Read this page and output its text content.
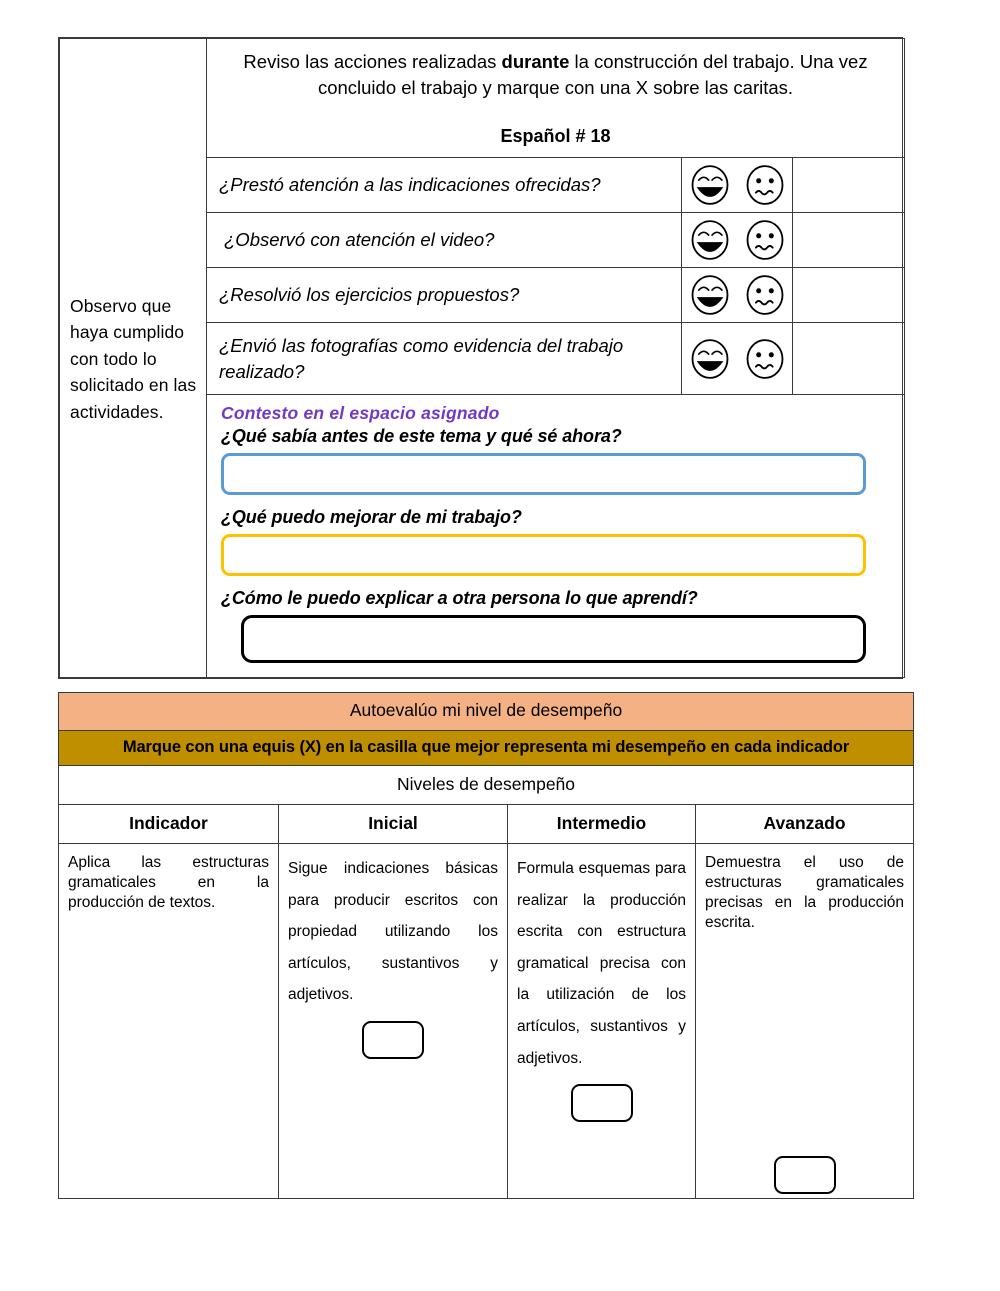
Observo que haya cumplido con todo lo solicitado en las actividades.	Reviso las acciones realizadas durante la construcción del trabajo. Una vez concluido el trabajo y marque con una X sobre las caritas.
Español # 18		

	¿Prestó atención a las indicaciones ofrecidas?	

	¿Observó con atención el video?	

	¿Resolvió los ejercicios propuestos?	

	¿Envió las fotografías como evidencia del trabajo realizado?	

	Contesto en el espacio asignado
¿Qué sabía antes de este tema y qué sé ahora?
¿Qué puedo mejorar de mi trabajo?
¿Cómo le puedo explicar a otra persona lo que aprendí?		
Autoevalúo mi nivel de desempeño			
Marque con una equis (X) en la casilla que mejor representa mi desempeño en cada indicador			
Niveles de desempeño			
Indicador	Inicial	Intermedio	Avanzado

Aplica las estructuras gramaticales en la producción de textos.	Sigue indicaciones básicas para producir escritos con propiedad utilizando los artículos, sustantivos y adjetivos.	Formula esquemas para realizar la producción escrita con estructura gramatical precisa con la utilización de los artículos, sustantivos y adjetivos.	Demuestra el uso de estructuras gramaticales precisas en la producción escrita.
